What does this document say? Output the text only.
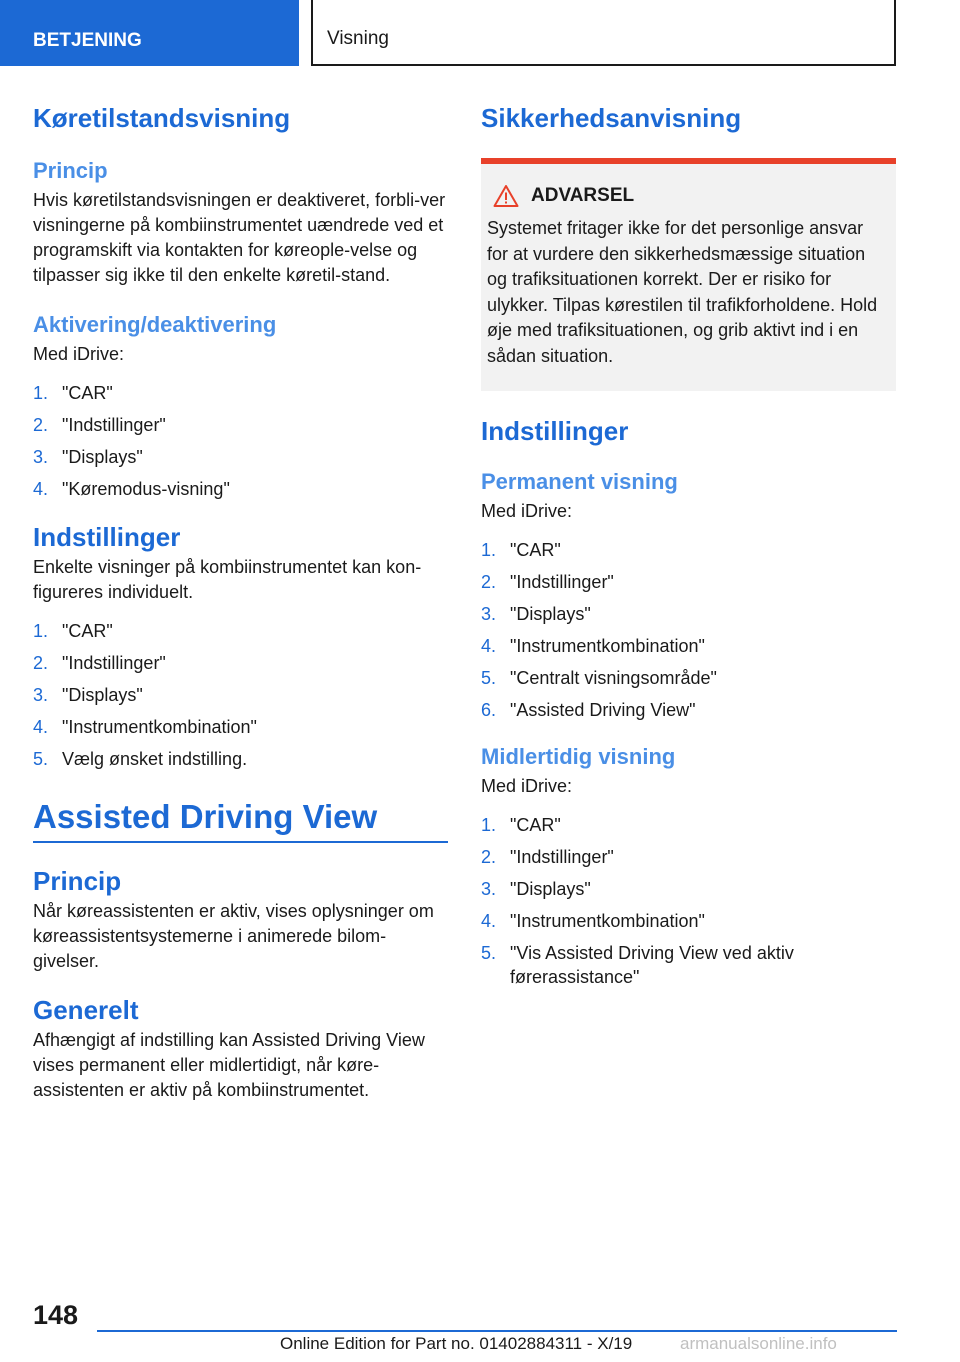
BETJENING	Visning
Køretilstandsvisning
Princip
Hvis køretilstandsvisningen er deaktiveret, forbli-ver visningerne på kombiinstrumentet uændrede ved et programskift via kontakten for køreople-velse og tilpasser sig ikke til den enkelte køretil-stand.
Aktivering/deaktivering
Med iDrive:
1. "CAR"
2. "Indstillinger"
3. "Displays"
4. "Køremodus-visning"
Indstillinger
Enkelte visninger på kombiinstrumentet kan kon-figureres individuelt.
1. "CAR"
2. "Indstillinger"
3. "Displays"
4. "Instrumentkombination"
5. Vælg ønsket indstilling.
Assisted Driving View
Princip
Når køreassistenten er aktiv, vises oplysninger om køreassistentsystemerne i animerede bilom-givelser.
Generelt
Afhængigt af indstilling kan Assisted Driving View vises permanent eller midlertidigt, når køre-assistenten er aktiv på kombiinstrumentet.
Sikkerhedsanvisning
ADVARSEL
Systemet fritager ikke for det personlige ansvar for at vurdere den sikkerhedsmæssige situation og trafiksituationen korrekt. Der er risiko for ulykker. Tilpas kørestilen til trafikforholdene. Hold øje med trafiksituationen, og grib aktivt ind i en sådan situation.
Indstillinger
Permanent visning
Med iDrive:
1. "CAR"
2. "Indstillinger"
3. "Displays"
4. "Instrumentkombination"
5. "Centralt visningsområde"
6. "Assisted Driving View"
Midlertidig visning
Med iDrive:
1. "CAR"
2. "Indstillinger"
3. "Displays"
4. "Instrumentkombination"
5. "Vis Assisted Driving View ved aktiv førerassistance"
148
Online Edition for Part no. 01402884311 - X/19	armanualsonline.info
